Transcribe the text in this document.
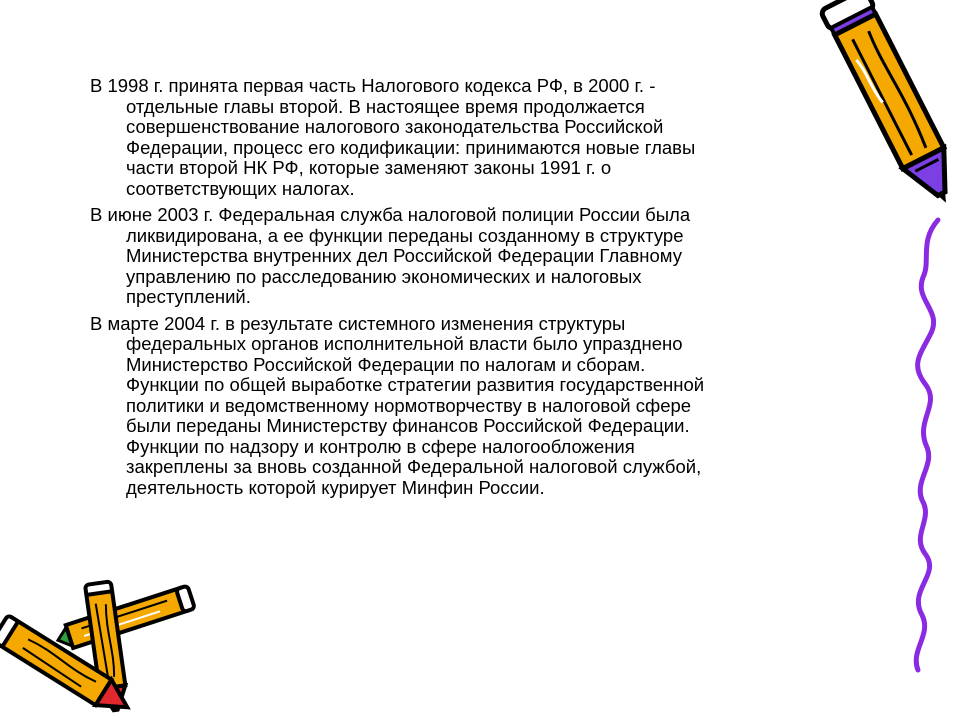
В 1998 г. принята первая часть Налогового кодекса РФ, в 2000 г. -
отдельные главы второй. В настоящее время продолжается
совершенствование налогового законодательства Российской
Федерации, процесс его кодификации: принимаются новые главы
части второй НК РФ, которые заменяют законы 1991 г. о
соответствующих налогах.

В июне 2003 г. Федеральная служба налоговой полиции России была
ликвидирована, а ее функции переданы созданному в структуре
Министерства внутренних дел Российской Федерации Главному
управлению по расследованию экономических и налоговых
преступлений.

В марте 2004 г. в результате системного изменения структуры
федеральных органов исполнительной власти было упразднено
Министерство Российской Федерации по налогам и сборам.
Функции по общей выработке стратегии развития государственной
политики и ведомственному нормотворчеству в налоговой сфере
были переданы Министерству финансов Российской Федерации.
Функции по надзору и контролю в сфере налогообложения
закреплены за вновь созданной Федеральной налоговой службой,
деятельность которой курирует Минфин России.
